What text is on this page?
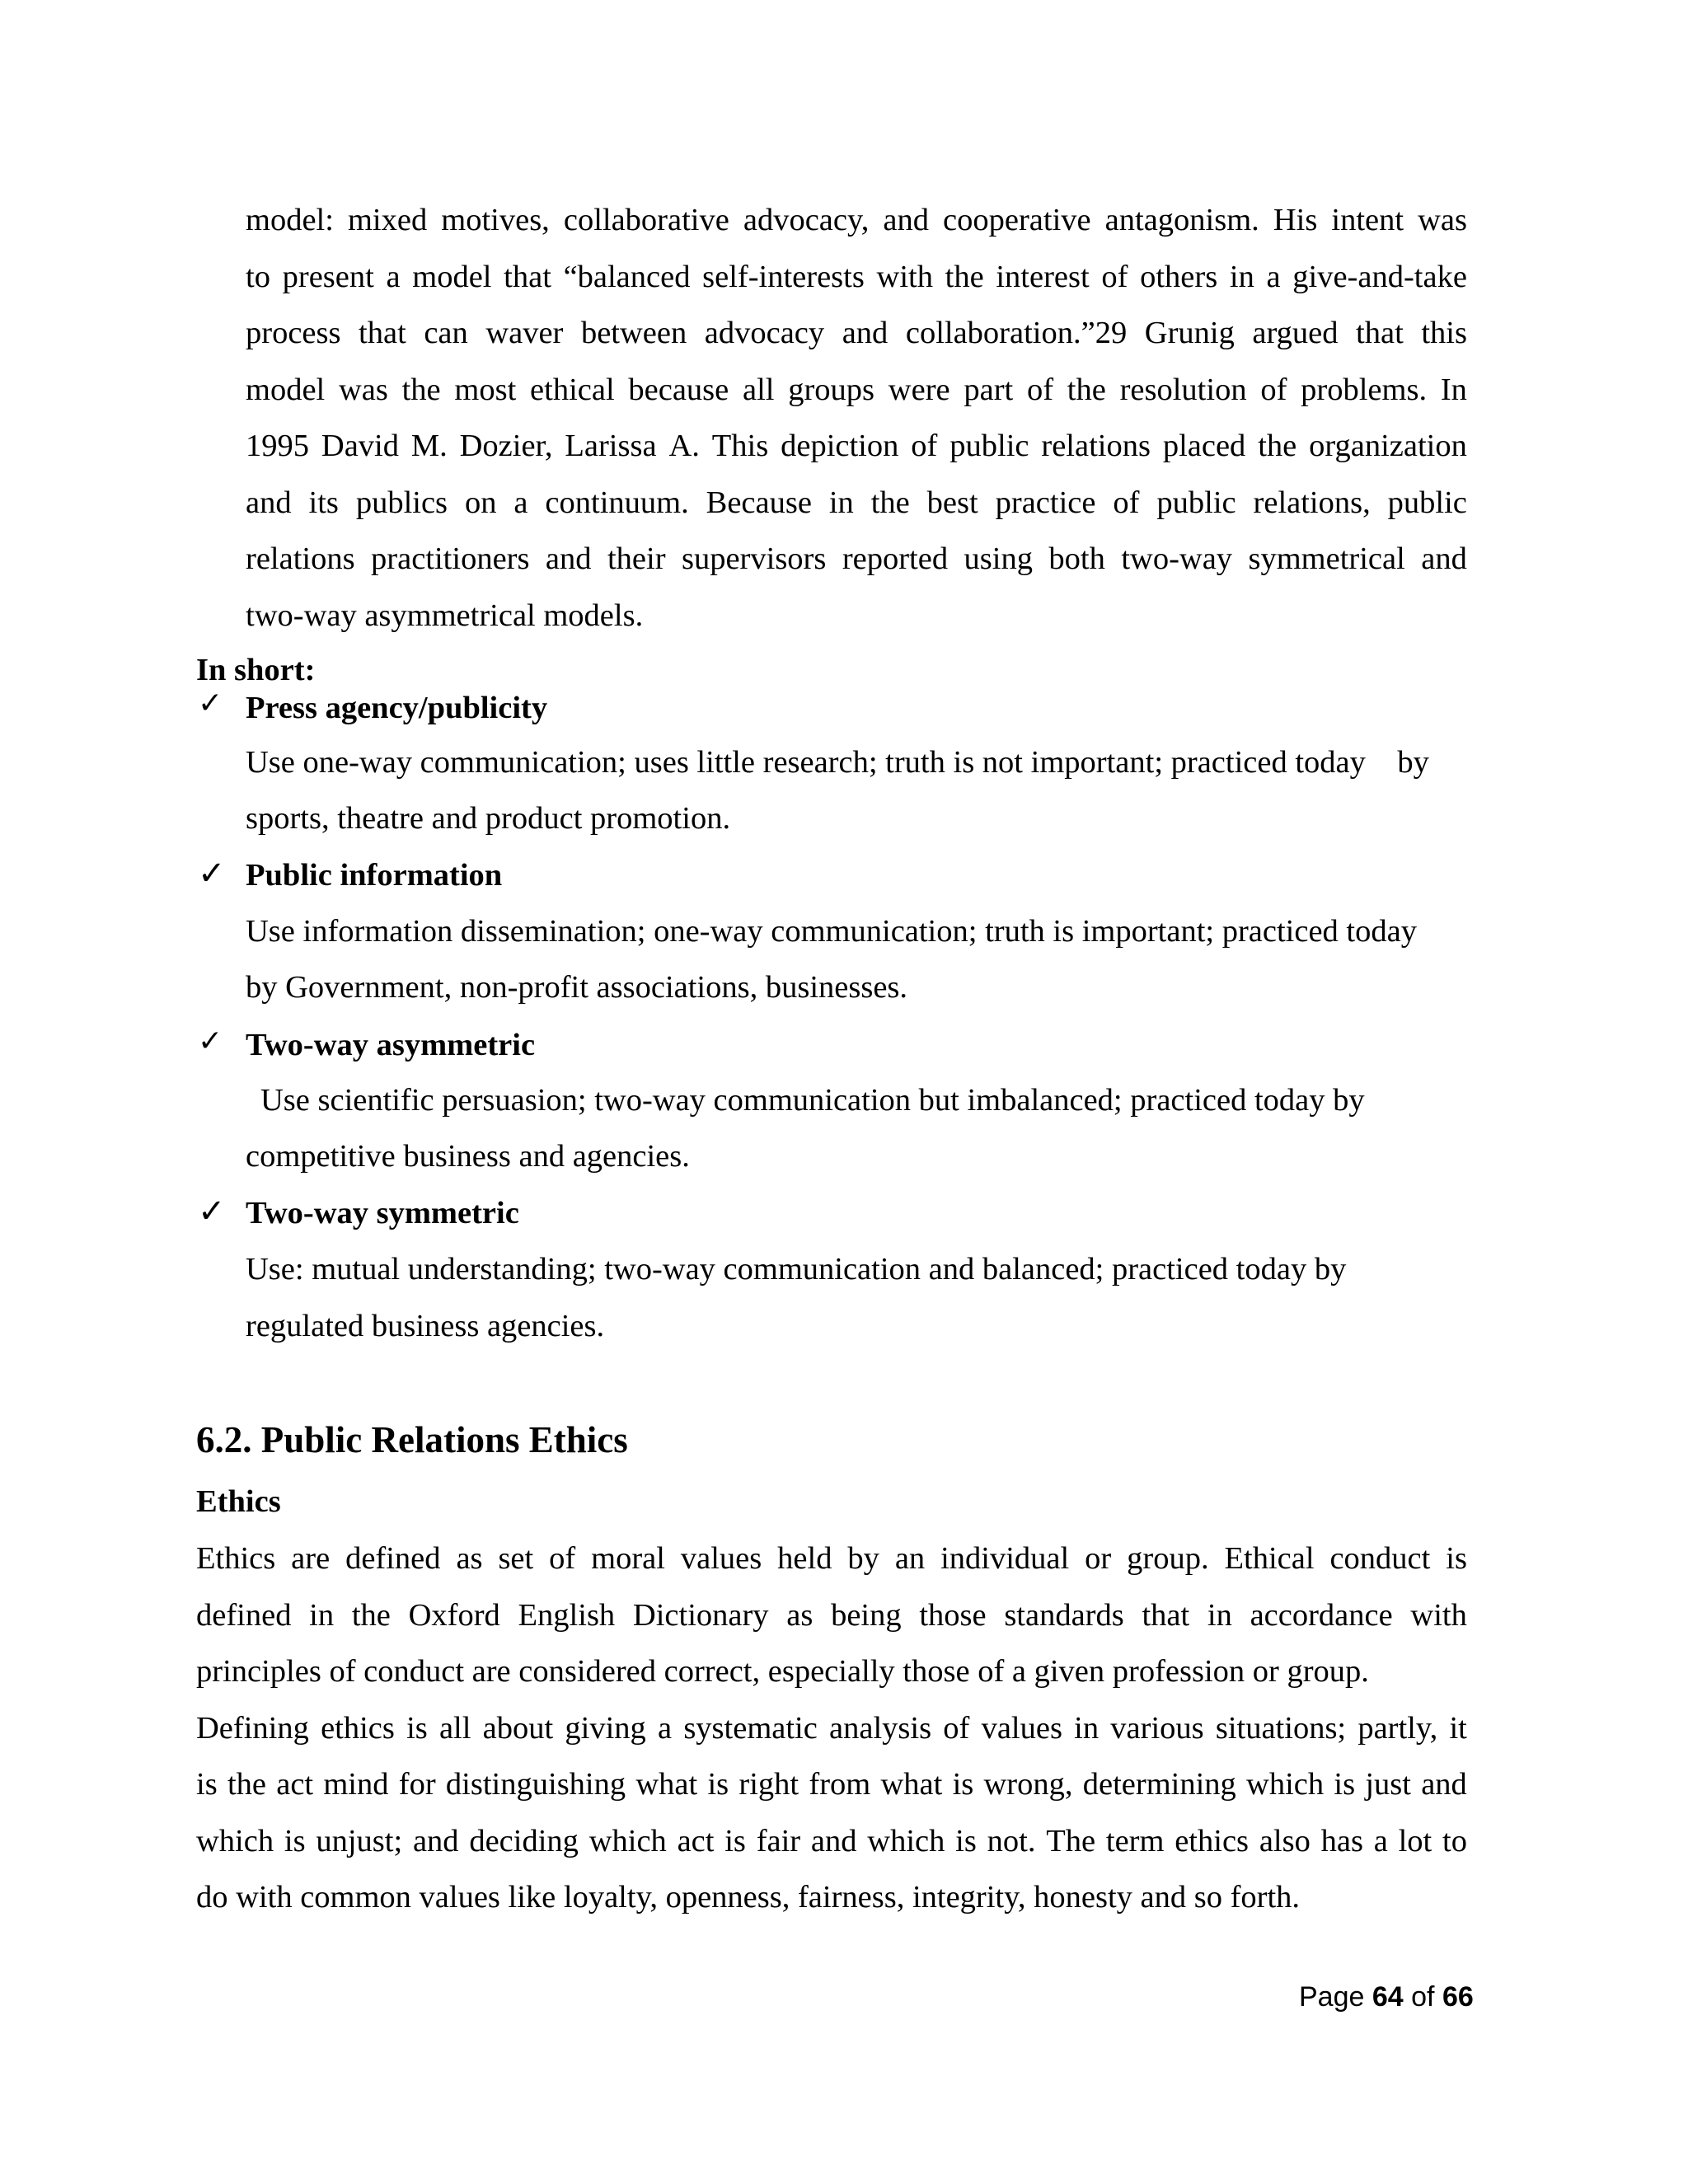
model: mixed motives, collaborative advocacy, and cooperative antagonism. His intent was
to present a model that “balanced self-interests with the interest of others in a give-and-take
process that can waver between advocacy and collaboration.”29 Grunig argued that this
model was the most ethical because all groups were part of the resolution of problems. In
1995 David M. Dozier, Larissa A. This depiction of public relations placed the organization
and its publics on a continuum. Because in the best practice of public relations, public
relations practitioners and their supervisors reported using both two-way symmetrical and
two-way asymmetrical models.
In short:
✓ Press agency/publicity
Use one-way communication; uses little research; truth is not important; practiced today    by
sports, theatre and product promotion.
✓ Public information
Use information dissemination; one-way communication; truth is important; practiced today
by Government, non-profit associations, businesses.
✓ Two-way asymmetric
Use scientific persuasion; two-way communication but imbalanced; practiced today by
competitive business and agencies.
✓ Two-way symmetric
Use: mutual understanding; two-way communication and balanced; practiced today by
regulated business agencies.
6.2. Public Relations Ethics
Ethics
Ethics are defined as set of moral values held by an individual or group. Ethical conduct is
defined in the Oxford English Dictionary as being those standards that in accordance with
principles of conduct are considered correct, especially those of a given profession or group.
Defining ethics is all about giving a systematic analysis of values in various situations; partly, it
is the act mind for distinguishing what is right from what is wrong, determining which is just and
which is unjust; and deciding which act is fair and which is not. The term ethics also has a lot to
do with common values like loyalty, openness, fairness, integrity, honesty and so forth.
Page 64 of 66
